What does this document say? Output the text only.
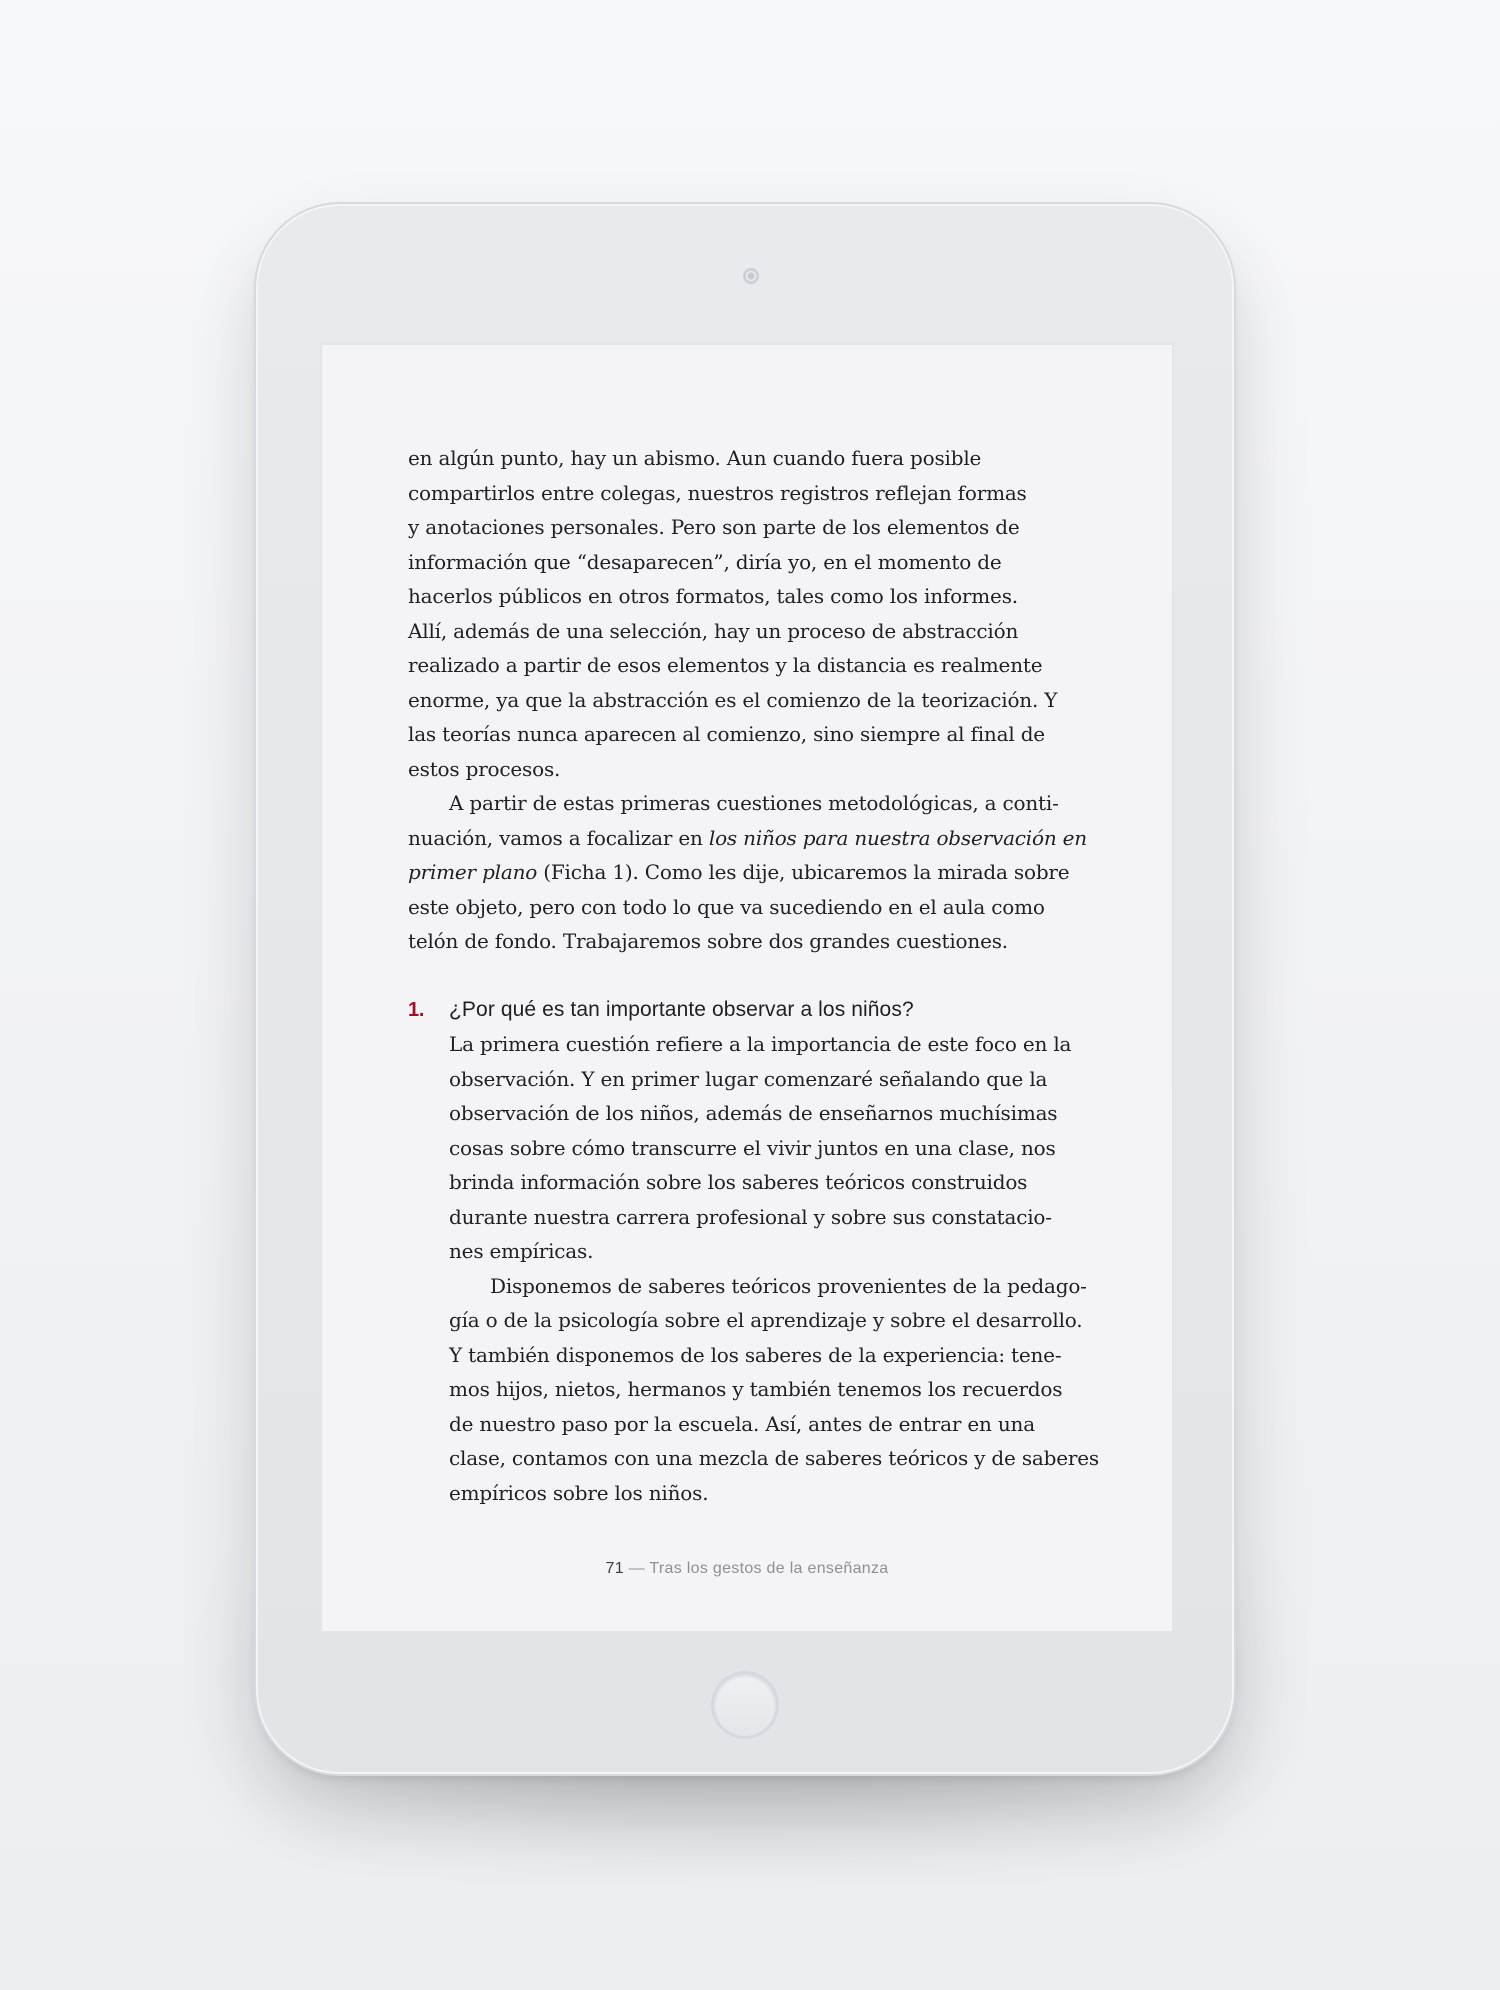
en algún punto, hay un abismo. Aun cuando fuera posible
compartirlos entre colegas, nuestros registros reflejan formas
y anotaciones personales. Pero son parte de los elementos de
información que “desaparecen”, diría yo, en el momento de
hacerlos públicos en otros formatos, tales como los informes.
Allí, además de una selección, hay un proceso de abstracción
realizado a partir de esos elementos y la distancia es realmente
enorme, ya que la abstracción es el comienzo de la teorización. Y
las teorías nunca aparecen al comienzo, sino siempre al final de
estos procesos.
A partir de estas primeras cuestiones metodológicas, a conti-
nuación, vamos a focalizar en los niños para nuestra observación en
primer plano (Ficha 1). Como les dije, ubicaremos la mirada sobre
este objeto, pero con todo lo que va sucediendo en el aula como
telón de fondo. Trabajaremos sobre dos grandes cuestiones.
1. ¿Por qué es tan importante observar a los niños?
La primera cuestión refiere a la importancia de este foco en la
observación. Y en primer lugar comenzaré señalando que la
observación de los niños, además de enseñarnos muchísimas
cosas sobre cómo transcurre el vivir juntos en una clase, nos
brinda información sobre los saberes teóricos construidos
durante nuestra carrera profesional y sobre sus constatacio-
nes empíricas.
Disponemos de saberes teóricos provenientes de la pedago-
gía o de la psicología sobre el aprendizaje y sobre el desarrollo.
Y también disponemos de los saberes de la experiencia: tene-
mos hijos, nietos, hermanos y también tenemos los recuerdos
de nuestro paso por la escuela. Así, antes de entrar en una
clase, contamos con una mezcla de saberes teóricos y de saberes
empíricos sobre los niños.
71 — Tras los gestos de la enseñanza
